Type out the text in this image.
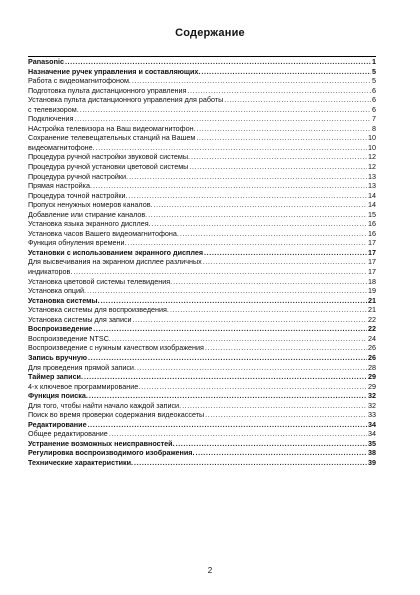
Содержание
Panasonic .....	1
Назначение ручек управления и составляющих. .....	5
Работа с видеомагнитофоном. .....	5
Подготовка пульта дистанционного управления .....	6
Установка пульта дистанционного управления для работы .....	6
с телевизором. .....	6
Подключения .....	7
НАстройка телевизора на Ваш видеомагнитофон. .....	8
Сохранение телевещательных станций на Вашем .....	10
видеомагнитофоне. .....	10
Процедура ручной настройки звуковой системы. .....	12
Процедура ручной установки цветовой системы .....	12
Процедура ручной настройки. .....	13
Прямая настройка. .....	13
Процедура точной настройки. .....	14
Пропуск ненужных номеров каналов. .....	14
Добавление или стирание каналов. .....	15
Установка языка экранного дисплея. .....	16
Установка часов Вашего видеомагнитофона. .....	16
Функция обнуления времени. .....	17
Установки с использованием экранного дисплея .....	17
Для высвечивания на экранном дисплее различных .....	17
индикаторов. .....	17
Установка цветовой системы телевидения. .....	18
Установка опций. .....	19
Установка системы. .....	21
Установка системы для воспроизведения. .....	21
Установка системы для записи .....	22
Воспроизведение .....	22
Воспроизведение NTSC. .....	24
Воспроизведение с нужным качеством изображения .....	26
Запись вручную .....	26
Для проведения прямой записи. .....	28
Таймер записи. .....	29
4-х ключевое программирование. .....	29
Функция поиска. .....	32
Для того, чтобы найти начало каждой записи. .....	32
Поиск во время проверки содержания видеокассеты .....	33
Редактирование .....	34
Общее редактирование .....	34
Устранение возможных неисправностей. .....	35
Регулировка воспроизводимого изображения. .....	38
Технические характеристики. .....	39
2
